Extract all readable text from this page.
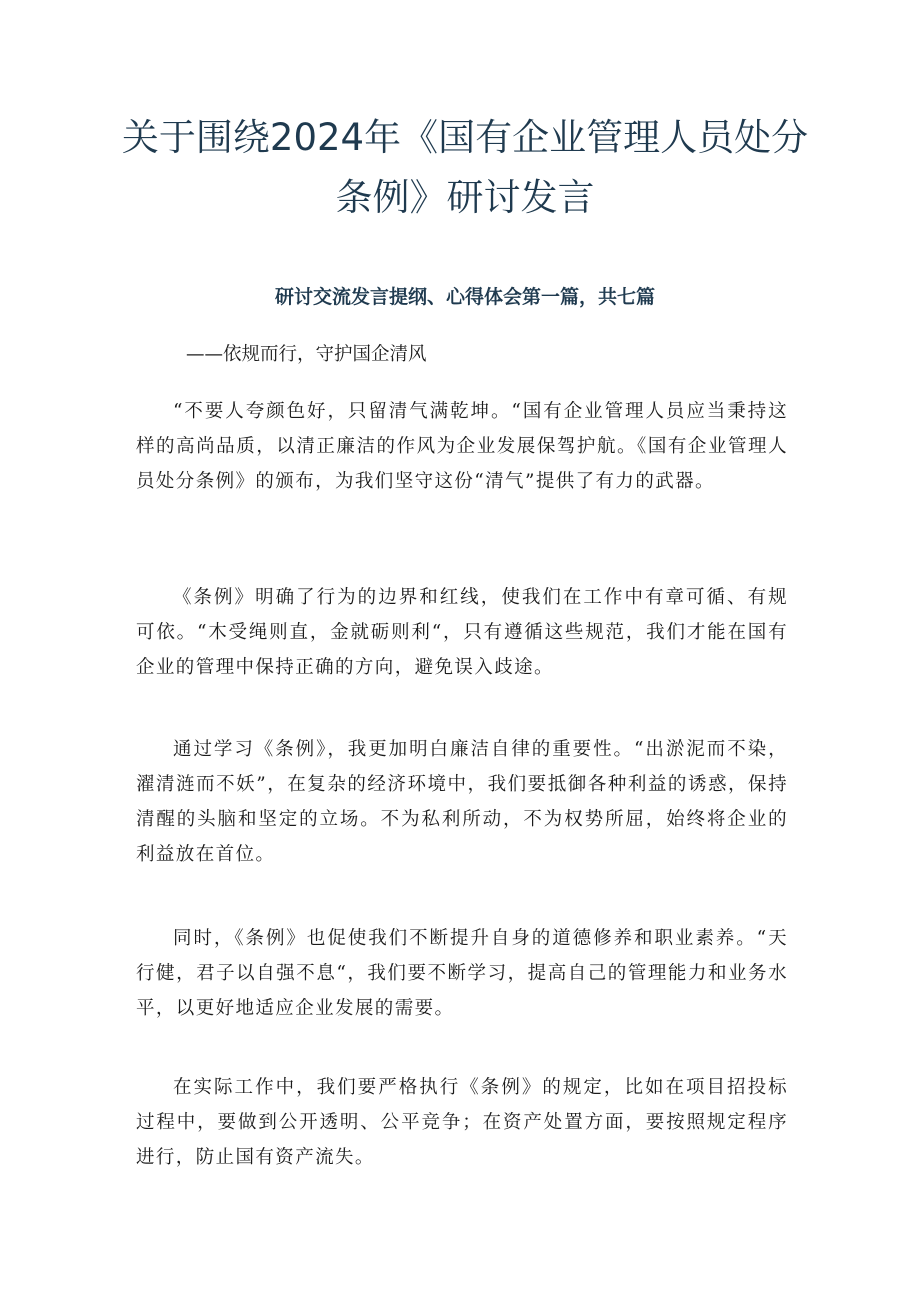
关于围绕2024年《国有企业管理人员处分条例》研讨发言
研讨交流发言提纲、心得体会第一篇，共七篇

——依规而行，守护国企清风

“不要人夸颜色好，只留清气满乾坤。“国有企业管理人员应当秉持这样的高尚品质，以清正廉洁的作风为企业发展保驾护航。《国有企业管理人员处分条例》的颁布，为我们坚守这份“清气”提供了有力的武器。

《条例》明确了行为的边界和红线，使我们在工作中有章可循、有规可依。“木受绳则直，金就砺则利“，只有遵循这些规范，我们才能在国有企业的管理中保持正确的方向，避免误入歧途。

通过学习《条例》，我更加明白廉洁自律的重要性。“出淤泥而不染，濯清涟而不妖”，在复杂的经济环境中，我们要抵御各种利益的诱惑，保持清醒的头脑和坚定的立场。不为私利所动，不为权势所屈，始终将企业的利益放在首位。

同时，《条例》也促使我们不断提升自身的道德修养和职业素养。“天行健，君子以自强不息“，我们要不断学习，提高自己的管理能力和业务水平，以更好地适应企业发展的需要。

在实际工作中，我们要严格执行《条例》的规定，比如在项目招投标过程中，要做到公开透明、公平竞争；在资产处置方面，要按照规定程序进行，防止国有资产流失。
